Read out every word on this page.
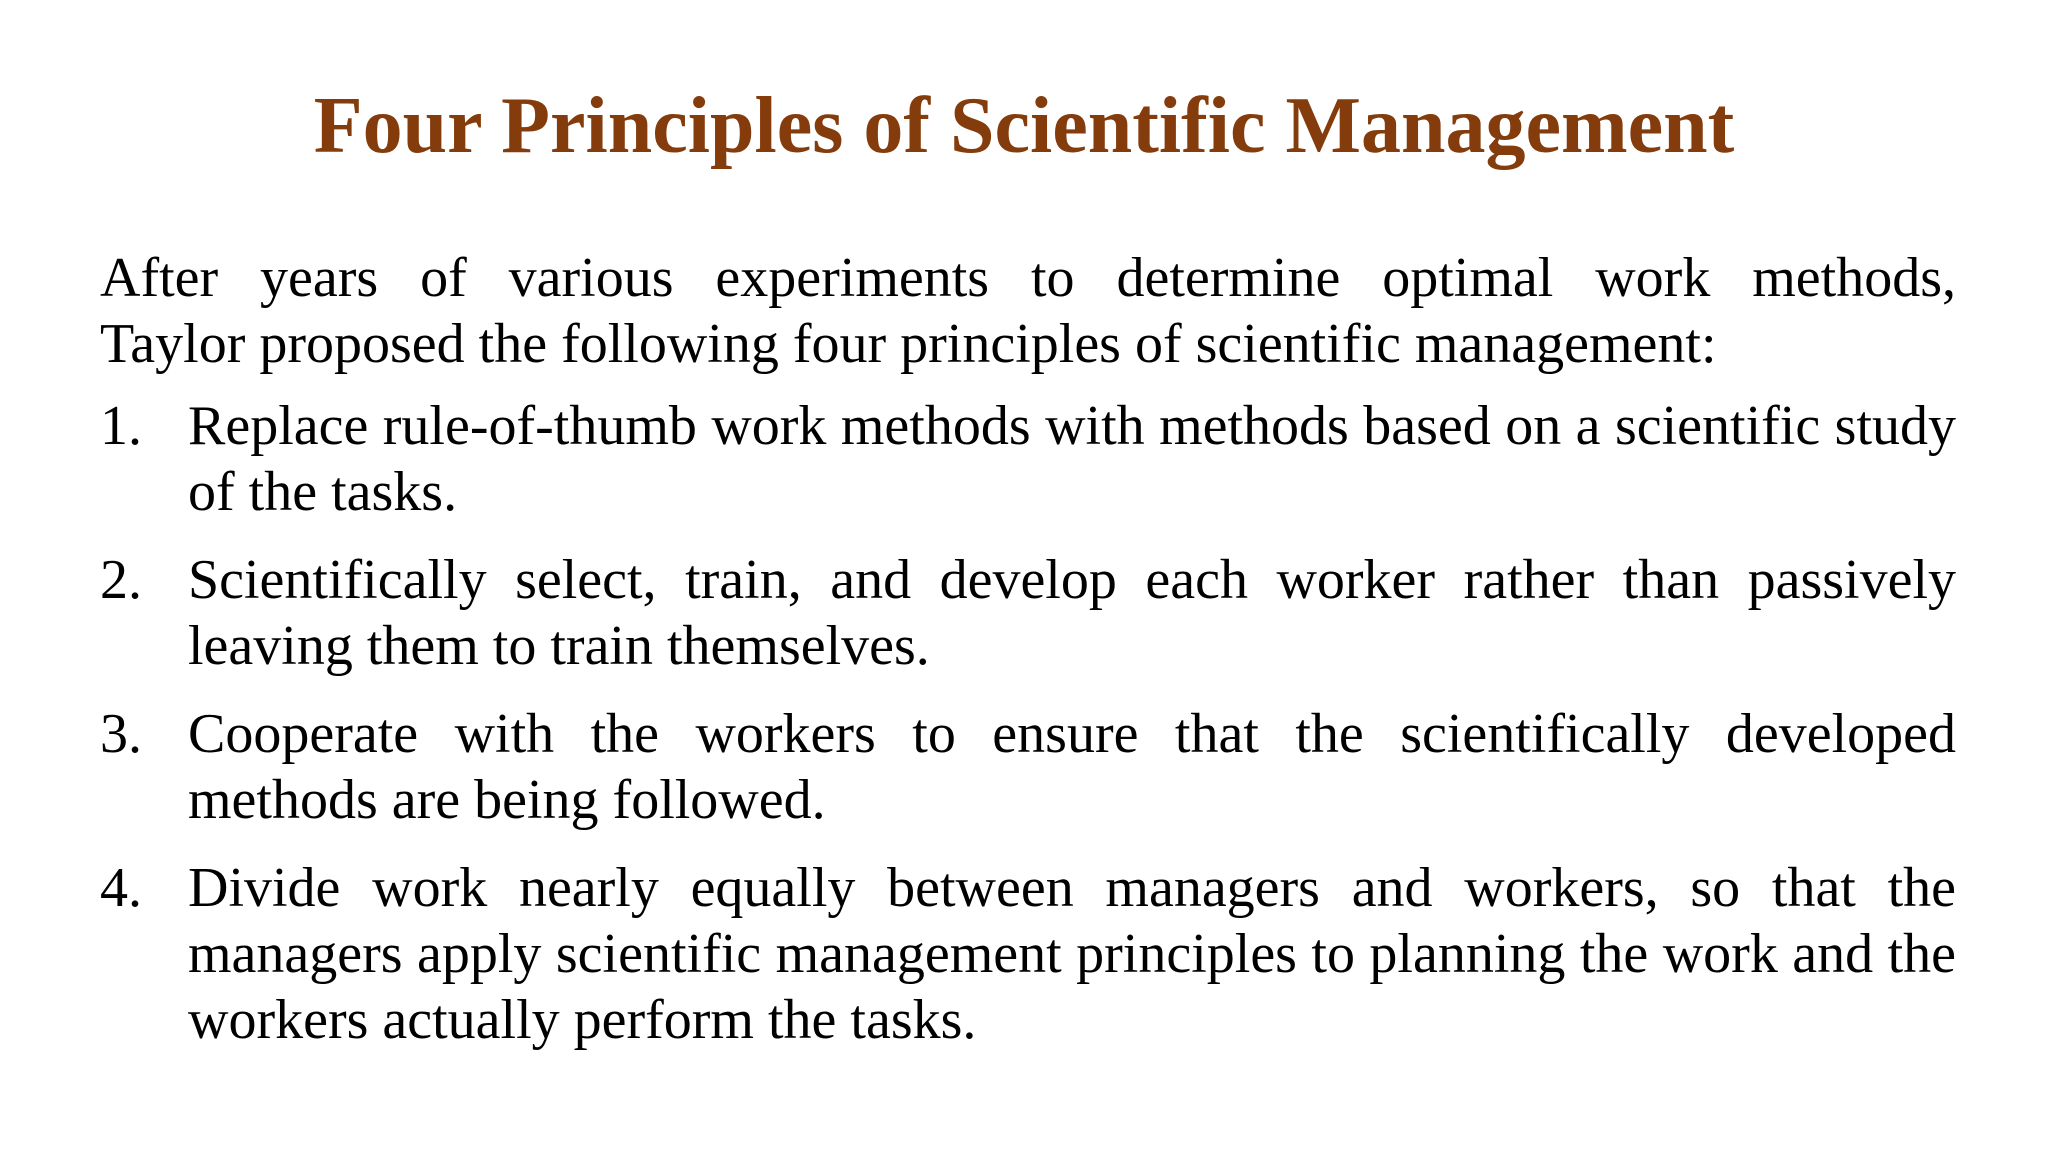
Four Principles of Scientific Management

After years of various experiments to determine optimal work methods,
Taylor proposed the following four principles of scientific management:

1. Replace rule-of-thumb work methods with methods based on a scientific study of the tasks.
2. Scientifically select, train, and develop each worker rather than passively leaving them to train themselves.
3. Cooperate with the workers to ensure that the scientifically developed methods are being followed.
4. Divide work nearly equally between managers and workers, so that the managers apply scientific management principles to planning the work and the workers actually perform the tasks.
